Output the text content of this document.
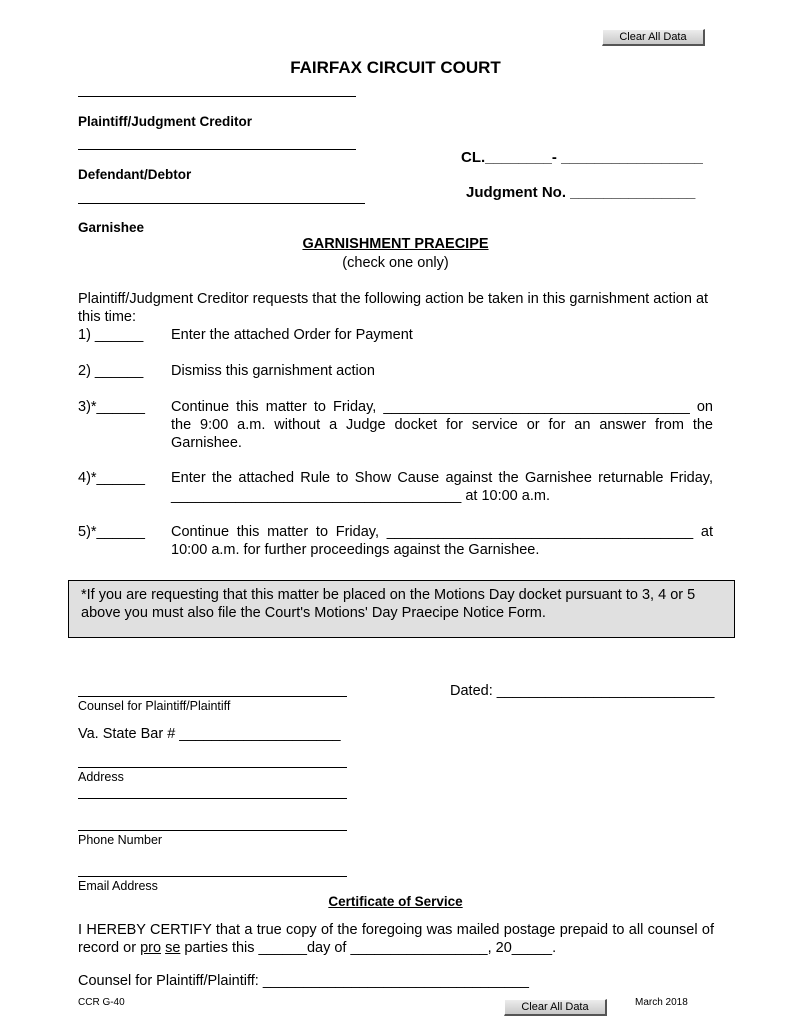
Clear All Data
FAIRFAX CIRCUIT COURT
Plaintiff/Judgment Creditor
Defendant/Debtor
CL.________- _________________
Judgment No. _______________
Garnishee
GARNISHMENT PRAECIPE
(check one only)
Plaintiff/Judgment Creditor requests that the following action be taken in this garnishment action at this time:
1) ______ Enter the attached Order for Payment
2) ______ Dismiss this garnishment action
3)*______ Continue this matter to Friday, ______________________________________ on the 9:00 a.m. without a Judge docket for service or for an answer from the Garnishee.
4)*______ Enter the attached Rule to Show Cause against the Garnishee returnable Friday, ____________________________________ at 10:00 a.m.
5)*______ Continue this matter to Friday, ______________________________________ at 10:00 a.m. for further proceedings against the Garnishee.
*If you are requesting that this matter be placed on the Motions Day docket pursuant to 3, 4 or 5 above you must also file the Court's Motions' Day Praecipe Notice Form.
Counsel for Plaintiff/Plaintiff
Dated: ___________________________
Va. State Bar # ____________________
Address
Phone Number
Email Address
Certificate of Service
I HEREBY CERTIFY that a true copy of the foregoing was mailed postage prepaid to all counsel of record or pro se parties this ______day of _________________, 20_____.
Counsel for Plaintiff/Plaintiff: _________________________________
CCR G-40	Clear All Data	March 2018
